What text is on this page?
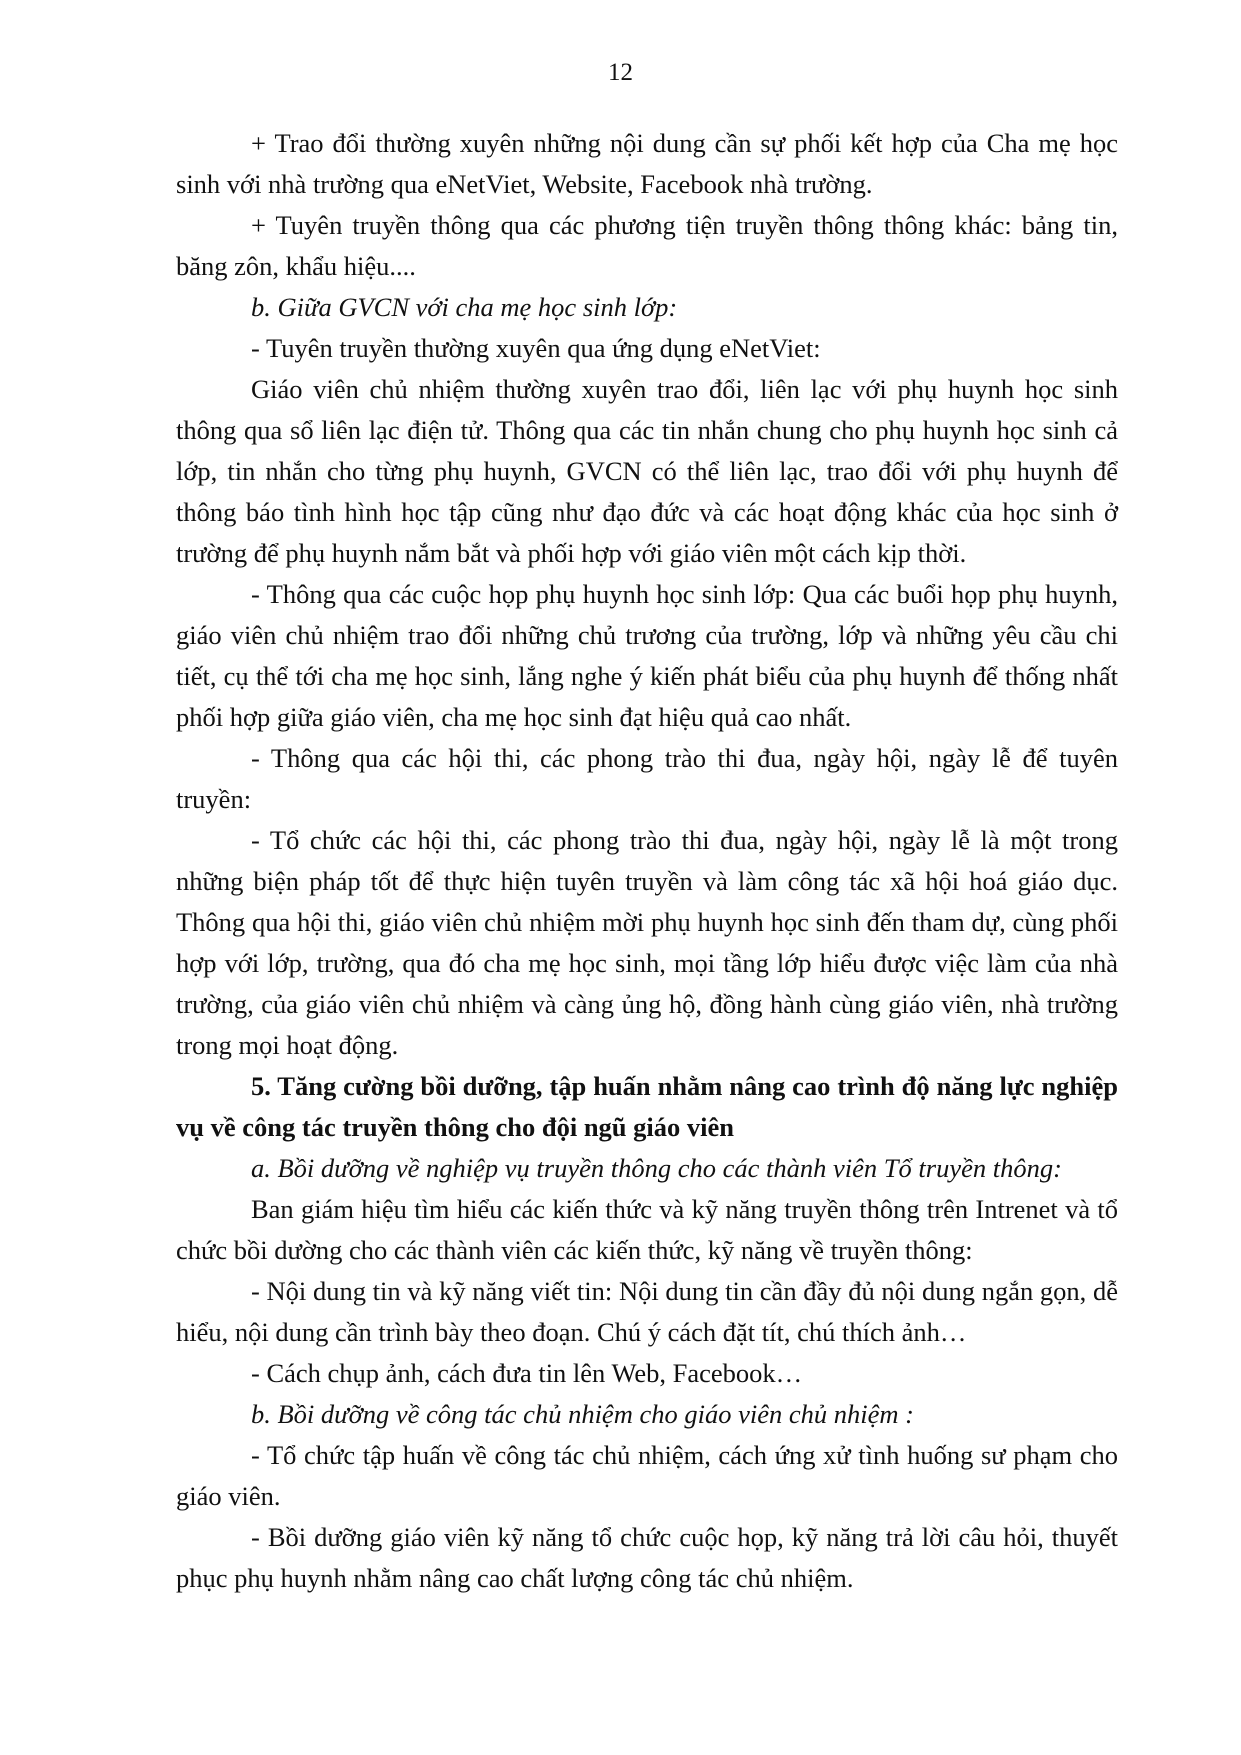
12

+ Trao đổi thường xuyên những nội dung cần sự phối kết hợp của Cha mẹ học sinh với nhà trường qua eNetViet, Website, Facebook nhà trường.

+ Tuyên truyền thông qua các phương tiện truyền thông thông khác: bảng tin, băng zôn, khẩu hiệu....

b. Giữa GVCN với cha mẹ học sinh lớp:

- Tuyên truyền thường xuyên qua ứng dụng eNetViet:

Giáo viên chủ nhiệm thường xuyên trao đổi, liên lạc với phụ huynh học sinh thông qua sổ liên lạc điện tử. Thông qua các tin nhắn chung cho phụ huynh học sinh cả lớp, tin nhắn cho từng phụ huynh, GVCN có thể liên lạc, trao đổi với phụ huynh để thông báo tình hình học tập cũng như đạo đức và các hoạt động khác của học sinh ở trường để phụ huynh nắm bắt và phối hợp với giáo viên một cách kịp thời.

- Thông qua các cuộc họp phụ huynh học sinh lớp: Qua các buổi họp phụ huynh, giáo viên chủ nhiệm trao đổi những chủ trương của trường, lớp và những yêu cầu chi tiết, cụ thể tới cha mẹ học sinh, lắng nghe ý kiến phát biểu của phụ huynh để thống nhất phối hợp giữa giáo viên, cha mẹ học sinh đạt hiệu quả cao nhất.

- Thông qua các hội thi, các phong trào thi đua, ngày hội, ngày lễ để tuyên truyền:

- Tổ chức các hội thi, các phong trào thi đua, ngày hội, ngày lễ là một trong những biện pháp tốt để thực hiện tuyên truyền và làm công tác xã hội hoá giáo dục. Thông qua hội thi, giáo viên chủ nhiệm mời phụ huynh học sinh đến tham dự, cùng phối hợp với lớp, trường, qua đó cha mẹ học sinh, mọi tầng lớp hiểu được việc làm của nhà trường, của giáo viên chủ nhiệm và càng ủng hộ, đồng hành cùng giáo viên, nhà trường trong mọi hoạt động.

5. Tăng cường bồi dưỡng, tập huấn nhằm nâng cao trình độ năng lực nghiệp vụ về công tác truyền thông cho đội ngũ giáo viên

a. Bồi dưỡng về nghiệp vụ truyền thông cho các thành viên Tổ truyền thông:

Ban giám hiệu tìm hiểu các kiến thức và kỹ năng truyền thông trên Intrenet và tổ chức bồi dường cho các thành viên các kiến thức, kỹ năng về truyền thông:

- Nội dung tin và kỹ năng viết tin: Nội dung tin cần đầy đủ nội dung ngắn gọn, dễ hiểu, nội dung cần trình bày theo đoạn. Chú ý cách đặt tít, chú thích ảnh…

- Cách chụp ảnh, cách đưa tin lên Web, Facebook…

b. Bồi dưỡng về công tác chủ nhiệm cho giáo viên chủ nhiệm :

- Tổ chức tập huấn về công tác chủ nhiệm, cách ứng xử tình huống sư phạm cho giáo viên.

- Bồi dưỡng giáo viên kỹ năng tổ chức cuộc họp, kỹ năng trả lời câu hỏi, thuyết phục phụ huynh nhằm nâng cao chất lượng công tác chủ nhiệm.
